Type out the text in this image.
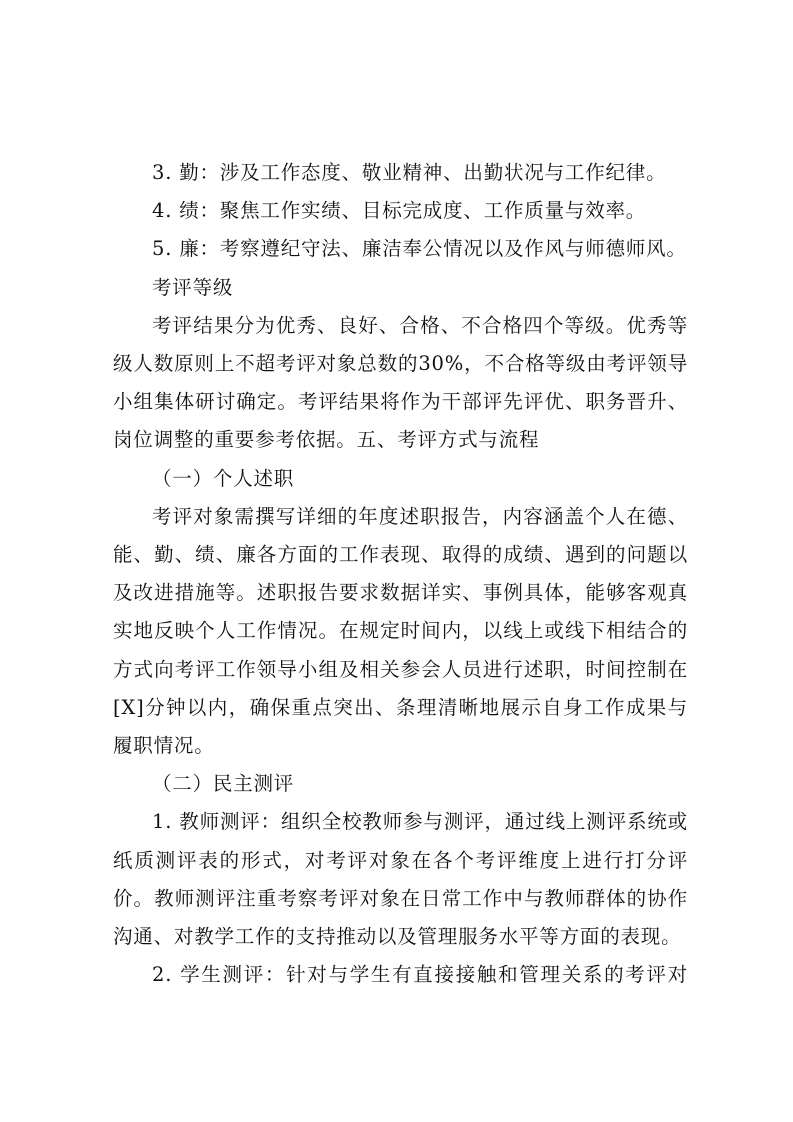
3. 勤：涉及工作态度、敬业精神、出勤状况与工作纪律。

4. 绩：聚焦工作实绩、目标完成度、工作质量与效率。

5. 廉：考察遵纪守法、廉洁奉公情况以及作风与师德师风。

考评等级

考评结果分为优秀、良好、合格、不合格四个等级。优秀等级人数原则上不超考评对象总数的30%，不合格等级由考评领导小组集体研讨确定。考评结果将作为干部评先评优、职务晋升、岗位调整的重要参考依据。五、考评方式与流程

（一）个人述职

考评对象需撰写详细的年度述职报告，内容涵盖个人在德、能、勤、绩、廉各方面的工作表现、取得的成绩、遇到的问题以及改进措施等。述职报告要求数据详实、事例具体，能够客观真实地反映个人工作情况。在规定时间内，以线上或线下相结合的方式向考评工作领导小组及相关参会人员进行述职，时间控制在[X]分钟以内，确保重点突出、条理清晰地展示自身工作成果与履职情况。

（二）民主测评

1. 教师测评：组织全校教师参与测评，通过线上测评系统或纸质测评表的形式，对考评对象在各个考评维度上进行打分评价。教师测评注重考察考评对象在日常工作中与教师群体的协作沟通、对教学工作的支持推动以及管理服务水平等方面的表现。

2. 学生测评：针对与学生有直接接触和管理关系的考评对
